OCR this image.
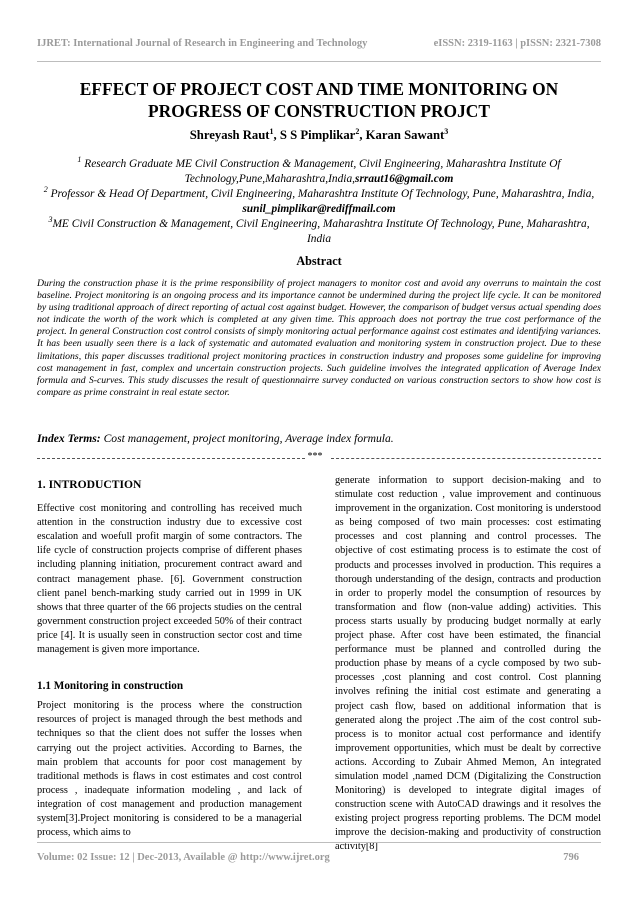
IJRET: International Journal of Research in Engineering and Technology	eISSN: 2319-1163 | pISSN: 2321-7308
EFFECT OF PROJECT COST AND TIME MONITORING ON PROGRESS OF CONSTRUCTION PROJCT
Shreyash Raut$^1$, S S Pimplikar$^2$, Karan Sawant$^3$

$^1$ Research Graduate ME Civil Construction & Management, Civil Engineering, Maharashtra Institute Of Technology,Pune,Maharashtra,India,srraut16@gmail.com

$^2$ Professor & Head Of Department, Civil Engineering, Maharashtra Institute Of Technology, Pune, Maharashtra, India, sunil_pimplikar@rediffmail.com

$^3$ME Civil Construction & Management, Civil Engineering, Maharashtra Institute Of Technology, Pune, Maharashtra, India

Abstract

During the construction phase it is the prime responsibility of project managers to monitor cost and avoid any overruns to maintain the cost baseline. Project monitoring is an ongoing process and its importance cannot be undermined during the project life cycle. It can be monitored by using traditional approach of direct reporting of actual cost against budget. However, the comparison of budget versus actual spending does not indicate the worth of the work which is completed at any given time. This approach does not portray the true cost performance of the project. In general Construction cost control consists of simply monitoring actual performance against cost estimates and identifying variances. It has been usually seen there is a lack of systematic and automated evaluation and monitoring system in construction project. Due to these limitations, this paper discusses traditional project monitoring practices in construction industry and proposes some guideline for improving cost management in fast, complex and uncertain construction projects. Such guideline involves the integrated application of Average Index formula and S-curves. This study discusses the result of questionnairre survey conducted on various construction sectors to show how cost is compare as prime constraint in real estate sector.

Index Terms: Cost management, project monitoring, Average index formula.
***

1. INTRODUCTION

Effective cost monitoring and controlling has received much attention in the construction industry due to excessive cost escalation and woefull profit margin of some contractors. The life cycle of construction projects comprise of different phases including planning initiation, procurement contract award and contract management phase. [6]. Government construction client panel bench-marking study carried out in 1999 in UK shows that three quarter of the 66 projects studies on the central government construction project exceeded 50% of their contract price [4]. It is usually seen in construction sector cost and time management is given more importance.

1.1 Monitoring in construction

Project monitoring is the process where the construction resources of project is managed through the best methods and techniques so that the client does not suffer the losses when carrying out the project activities. According to Barnes, the main problem that accounts for poor cost management by traditional methods is flaws in cost estimates and cost control process , inadequate information modeling , and lack of integration of cost management and production management system[3].Project monitoring is considered to be a managerial process, which aims to

generate information to support decision-making and to stimulate cost reduction , value improvement and continuous improvement in the organization. Cost monitoring is understood as being composed of two main processes: cost estimating processes and cost planning and control processes. The objective of cost estimating process is to estimate the cost of products and processes involved in production. This requires a thorough understanding of the design, contracts and production in order to properly model the consumption of resources by transformation and flow (non-value adding) activities. This process starts usually by producing budget normally at early project phase. After cost have been estimated, the financial performance must be planned and controlled during the production phase by means of a cycle composed by two sub-processes ,cost planning and cost control. Cost planning involves refining the initial cost estimate and generating a project cash flow, based on additional information that is generated along the project .The aim of the cost control sub-process is to monitor actual cost performance and identify improvement opportunities, which must be dealt by corrective actions. According to Zubair Ahmed Memon, An integrated simulation model ,named DCM (Digitalizing the Construction Monitoring) is developed to integrate digital images of construction scene with AutoCAD drawings and it resolves the existing project progress reporting problems. The DCM model improve the decision-making and productivity of construction activity[8]

Volume: 02 Issue: 12 | Dec-2013, Available @ http://www.ijret.org	796
